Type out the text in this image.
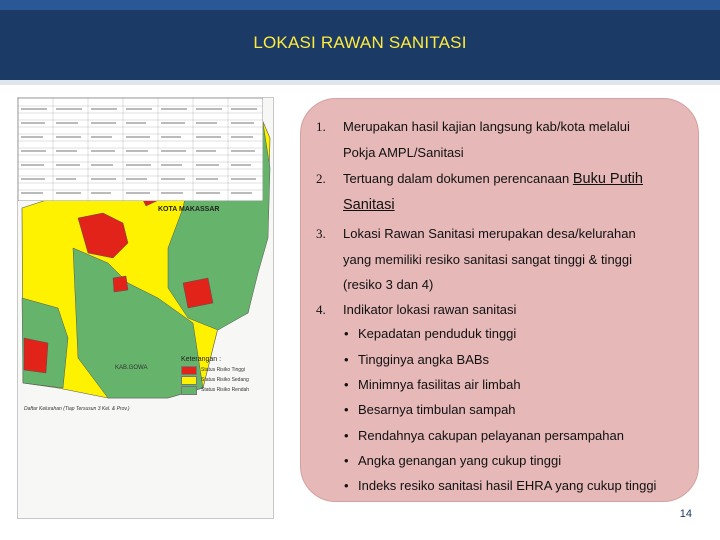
LOKASI RAWAN SANITASI
KOTA MAKASSAR
KAB.GOWA
Keterangan :
Status Risiko Tinggi
Status Risiko Sedang
Status Risiko Rendah
Daftar Kelurahan (Tiap Tersusun 3 Kel. & Prov.)
1. Merupakan hasil kajian langsung kab/kota melalui
Pokja AMPL/Sanitasi
2. Tertuang dalam dokumen perencanaan Buku Putih
Sanitasi
3. Lokasi Rawan Sanitasi merupakan desa/kelurahan
yang memiliki resiko sanitasi sangat tinggi & tinggi
(resiko 3 dan 4)
4. Indikator lokasi rawan sanitasi
• Kepadatan penduduk tinggi
• Tingginya angka BABs
• Minimnya fasilitas air limbah
• Besarnya timbulan sampah
• Rendahnya cakupan pelayanan persampahan
• Angka genangan yang cukup tinggi
• Indeks resiko sanitasi hasil EHRA yang cukup tinggi
14
